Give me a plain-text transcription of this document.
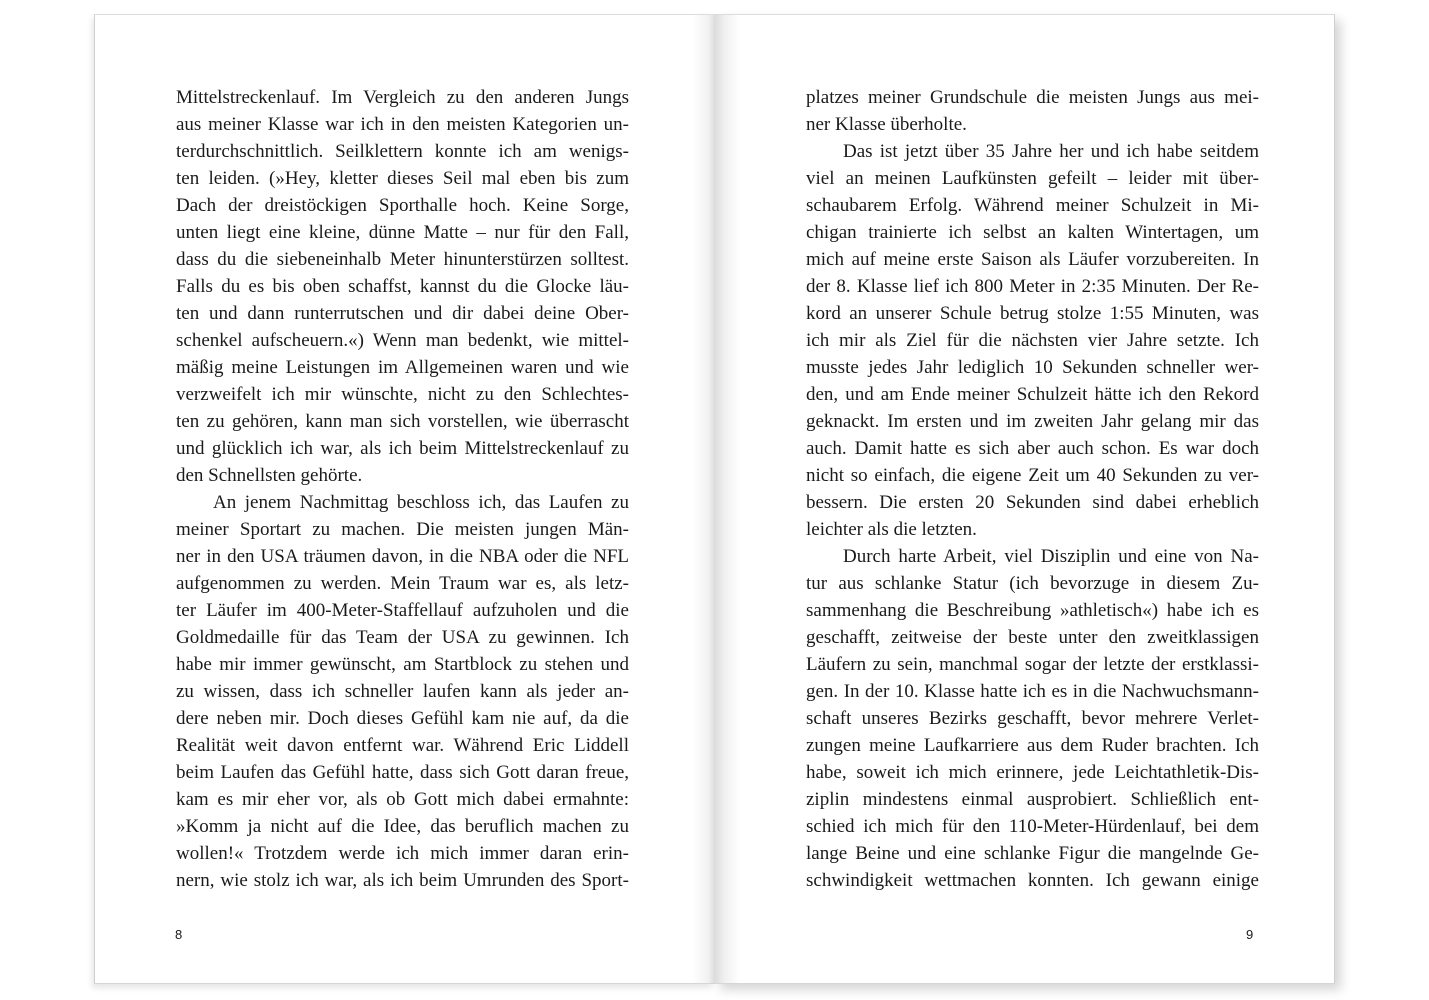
Mittelstreckenlauf. Im Vergleich zu den anderen Jungs
aus meiner Klasse war ich in den meisten Kategorien un-
terdurchschnittlich. Seilklettern konnte ich am wenigs-
ten leiden. (»Hey, kletter dieses Seil mal eben bis zum
Dach der dreistöckigen Sporthalle hoch. Keine Sorge,
unten liegt eine kleine, dünne Matte – nur für den Fall,
dass du die siebeneinhalb Meter hinunterstürzen solltest.
Falls du es bis oben schaffst, kannst du die Glocke läu-
ten und dann runterrutschen und dir dabei deine Ober-
schenkel aufscheuern.«) Wenn man bedenkt, wie mittel-
mäßig meine Leistungen im Allgemeinen waren und wie
verzweifelt ich mir wünschte, nicht zu den Schlechtes-
ten zu gehören, kann man sich vorstellen, wie überrascht
und glücklich ich war, als ich beim Mittelstreckenlauf zu
den Schnellsten gehörte.
An jenem Nachmittag beschloss ich, das Laufen zu
meiner Sportart zu machen. Die meisten jungen Män-
ner in den USA träumen davon, in die NBA oder die NFL
aufgenommen zu werden. Mein Traum war es, als letz-
ter Läufer im 400-Meter-Staffellauf aufzuholen und die
Goldmedaille für das Team der USA zu gewinnen. Ich
habe mir immer gewünscht, am Startblock zu stehen und
zu wissen, dass ich schneller laufen kann als jeder an-
dere neben mir. Doch dieses Gefühl kam nie auf, da die
Realität weit davon entfernt war. Während Eric Liddell
beim Laufen das Gefühl hatte, dass sich Gott daran freue,
kam es mir eher vor, als ob Gott mich dabei ermahnte:
»Komm ja nicht auf die Idee, das beruflich machen zu
wollen!« Trotzdem werde ich mich immer daran erin-
nern, wie stolz ich war, als ich beim Umrunden des Sport-
8
platzes meiner Grundschule die meisten Jungs aus mei-
ner Klasse überholte.
Das ist jetzt über 35 Jahre her und ich habe seitdem
viel an meinen Laufkünsten gefeilt – leider mit über-
schaubarem Erfolg. Während meiner Schulzeit in Mi-
chigan trainierte ich selbst an kalten Wintertagen, um
mich auf meine erste Saison als Läufer vorzubereiten. In
der 8. Klasse lief ich 800 Meter in 2:35 Minuten. Der Re-
kord an unserer Schule betrug stolze 1:55 Minuten, was
ich mir als Ziel für die nächsten vier Jahre setzte. Ich
musste jedes Jahr lediglich 10 Sekunden schneller wer-
den, und am Ende meiner Schulzeit hätte ich den Rekord
geknackt. Im ersten und im zweiten Jahr gelang mir das
auch. Damit hatte es sich aber auch schon. Es war doch
nicht so einfach, die eigene Zeit um 40 Sekunden zu ver-
bessern. Die ersten 20 Sekunden sind dabei erheblich
leichter als die letzten.
Durch harte Arbeit, viel Disziplin und eine von Na-
tur aus schlanke Statur (ich bevorzuge in diesem Zu-
sammenhang die Beschreibung »athletisch«) habe ich es
geschafft, zeitweise der beste unter den zweitklassigen
Läufern zu sein, manchmal sogar der letzte der erstklassi-
gen. In der 10. Klasse hatte ich es in die Nachwuchsmann-
schaft unseres Bezirks geschafft, bevor mehrere Verlet-
zungen meine Laufkarriere aus dem Ruder brachten. Ich
habe, soweit ich mich erinnere, jede Leichtathletik-Dis-
ziplin mindestens einmal ausprobiert. Schließlich ent-
schied ich mich für den 110-Meter-Hürdenlauf, bei dem
lange Beine und eine schlanke Figur die mangelnde Ge-
schwindigkeit wettmachen konnten. Ich gewann einige
9
